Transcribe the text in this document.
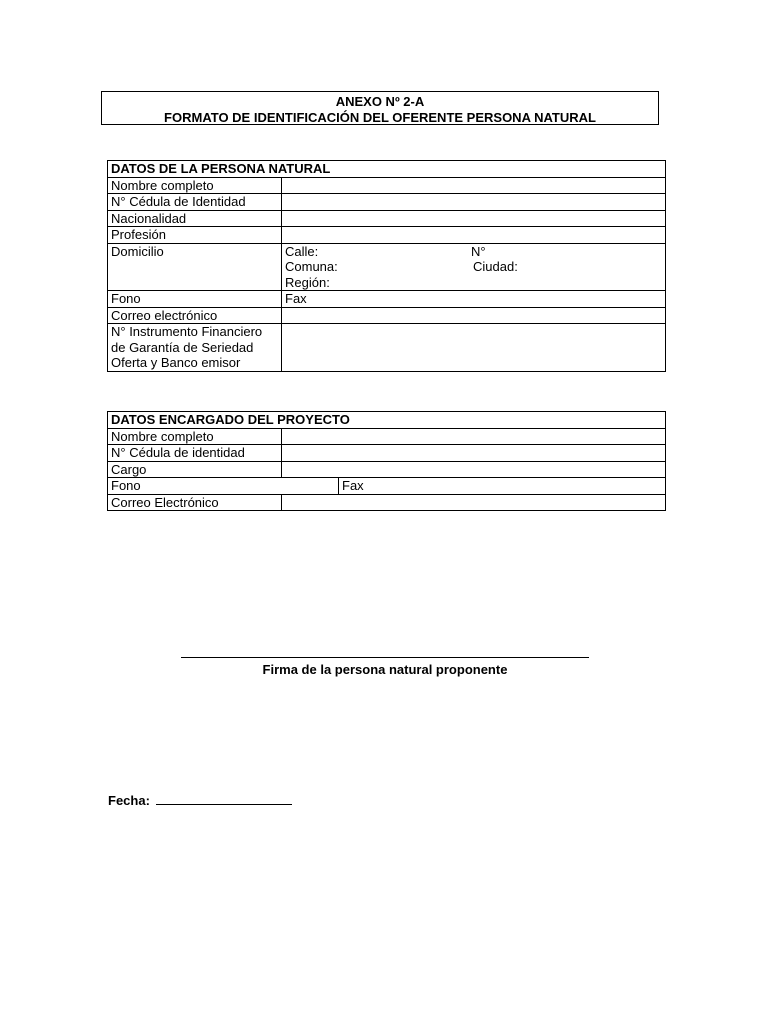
ANEXO Nº 2-A
FORMATO DE IDENTIFICACIÓN DEL OFERENTE PERSONA NATURAL
DATOS DE LA PERSONA NATURAL	
Nombre completo	
N° Cédula de Identidad	
Nacionalidad	
Profesión	
Domicilio	Calle: N°
Comuna: Ciudad:
Región:

Fono	Fax
Correo electrónico	
N° Instrumento Financiero de Garantía de Seriedad Oferta y Banco emisor	
DATOS ENCARGADO DEL PROYECTO		
Nombre completo		
N° Cédula de identidad		
Cargo		
Fono		Fax
Correo Electrónico		
Firma de la persona natural proponente
Fecha:
